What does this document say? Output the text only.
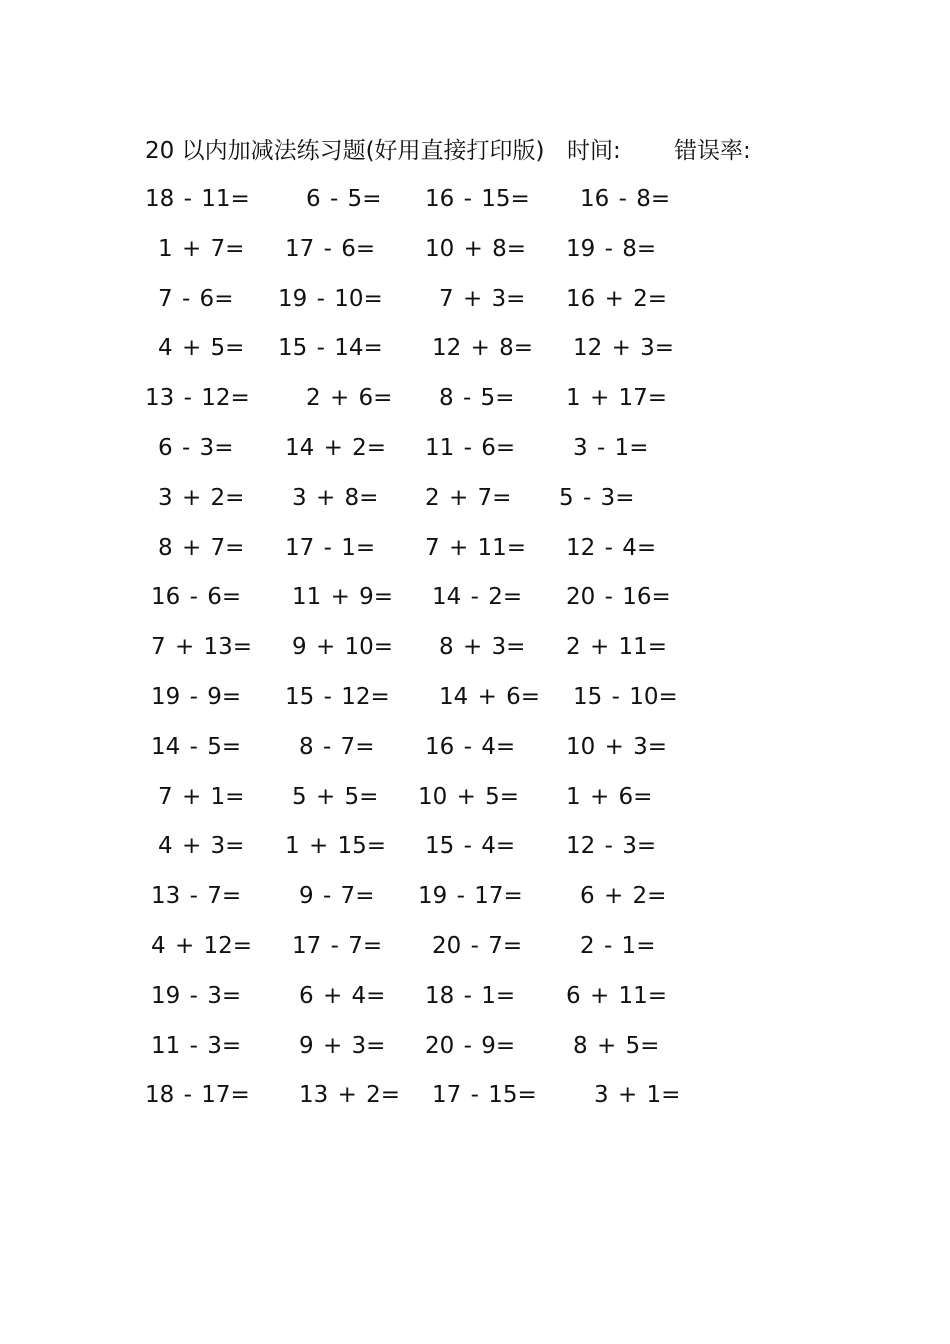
20 以内加减法练习题(好用直接打印版) 时间: 错误率:
18 - 11= 6 - 5= 16 - 15= 16 - 8=
1 + 7= 17 - 6= 10 + 8= 19 - 8=
7 - 6= 19 - 10= 7 + 3= 16 + 2=
4 + 5= 15 - 14= 12 + 8= 12 + 3=
13 - 12= 2 + 6= 8 - 5= 1 + 17=
6 - 3= 14 + 2= 11 - 6=	3 - 1=
3 + 2= 3 + 8= 2 + 7= 5 - 3=
8 + 7= 17 - 1= 7 + 11= 12 - 4=
16 - 6= 11 + 9= 14 - 2= 20 - 16=
7 + 13= 9 + 10= 8 + 3= 2 + 11=
19 - 9= 15 - 12= 14 + 6= 15 - 10=
14 - 5=	8 - 7= 16 - 4= 10 + 3=
7 + 1= 5 + 5= 10 + 5= 1 + 6=
4 + 3= 1 + 15= 15 - 4= 12 - 3=
13 - 7=	9 - 7= 19 - 17= 6 + 2=
4 + 12= 17 - 7= 20 - 7=	2 - 1=
19 - 3=	6 + 4= 18 - 1= 6 + 11=
11 - 3=	9 + 3= 20 - 9=	8 + 5=
18 - 17= 13 + 2= 17 - 15= 3 + 1=
